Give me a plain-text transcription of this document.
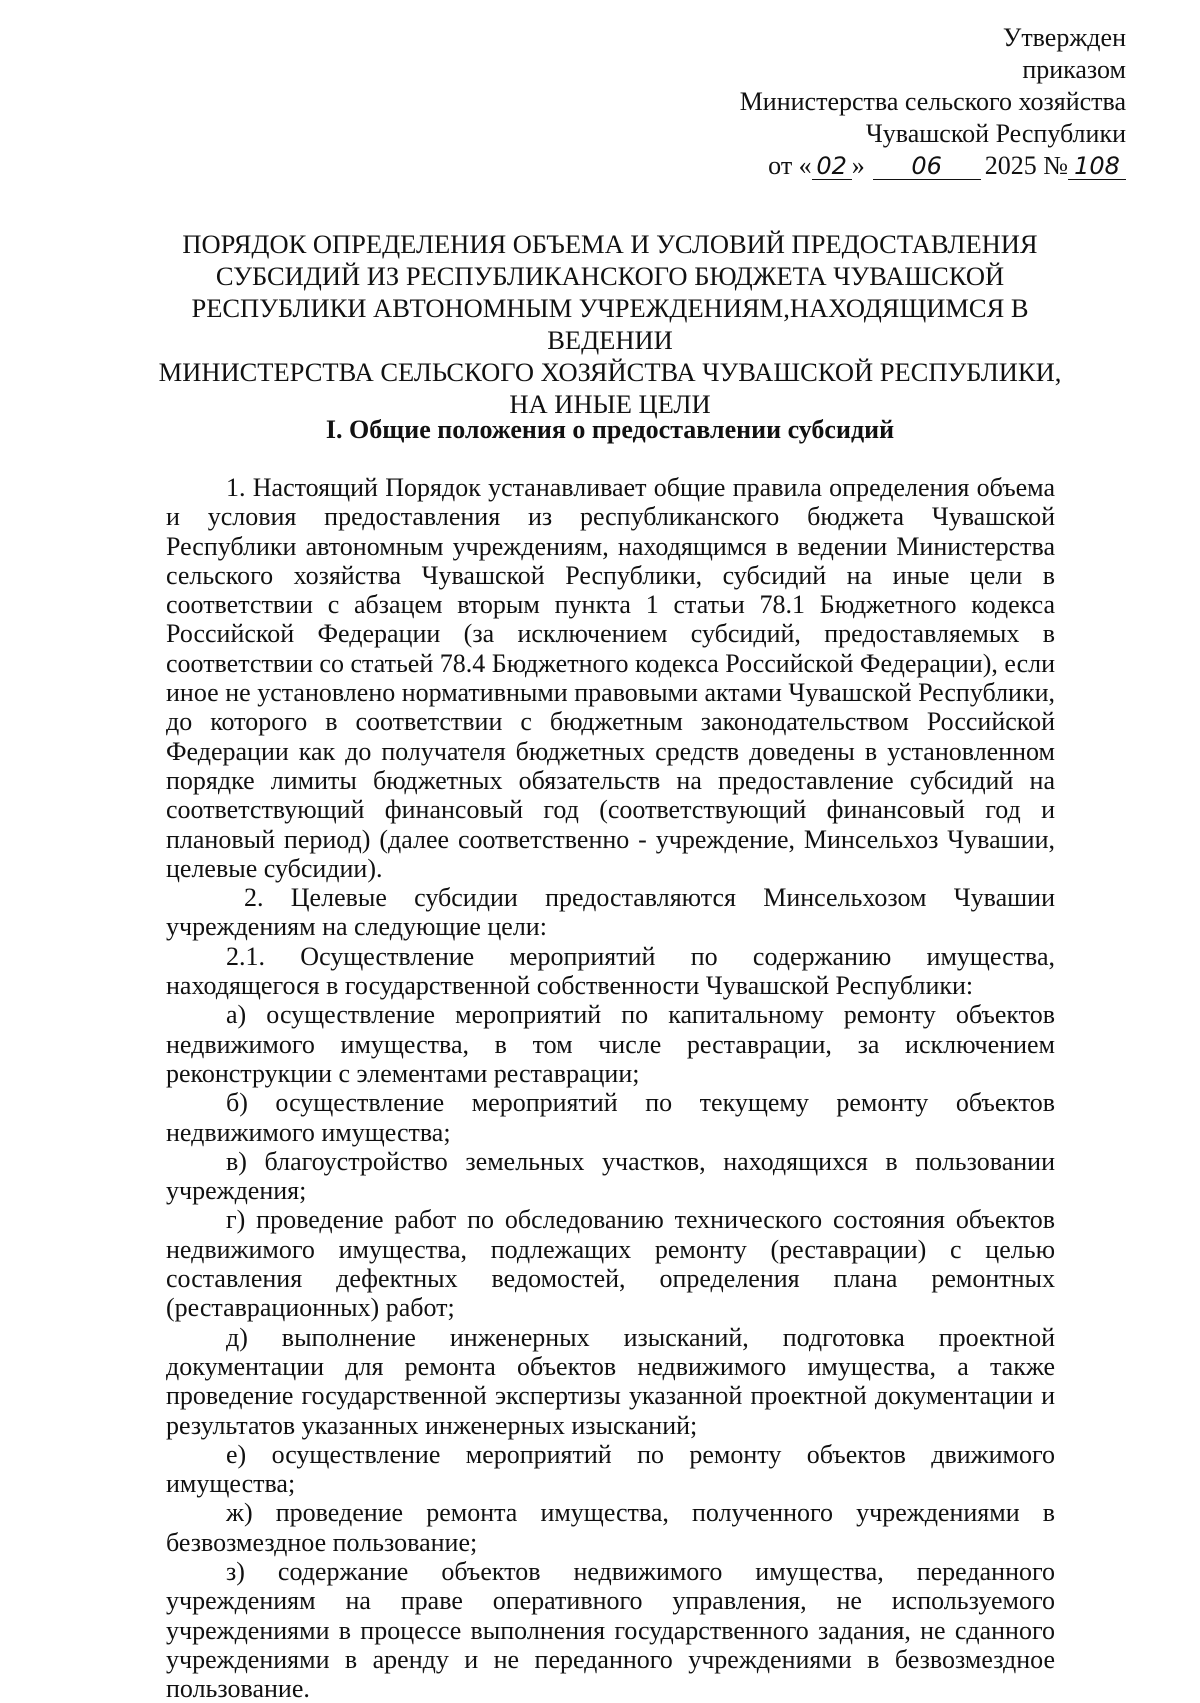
Утвержден
приказом
Министерства сельского хозяйства
Чувашской Республики
от « 02 » 06 2025 № 108
ПОРЯДОК ОПРЕДЕЛЕНИЯ ОБЪЕМА И УСЛОВИЙ ПРЕДОСТАВЛЕНИЯ
СУБСИДИЙ ИЗ РЕСПУБЛИКАНСКОГО БЮДЖЕТА ЧУВАШСКОЙ
РЕСПУБЛИКИ АВТОНОМНЫМ УЧРЕЖДЕНИЯМ,НАХОДЯЩИМСЯ В ВЕДЕНИИ
МИНИСТЕРСТВА СЕЛЬСКОГО ХОЗЯЙСТВА ЧУВАШСКОЙ РЕСПУБЛИКИ,
НА ИНЫЕ ЦЕЛИ
I. Общие положения о предоставлении субсидий

1. Настоящий Порядок устанавливает общие правила определения объема и условия предоставления из республиканского бюджета Чувашской Республики автономным учреждениям, находящимся в ведении Министерства сельского хозяйства Чувашской Республики, субсидий на иные цели в соответствии с абзацем вторым пункта 1 статьи 78.1 Бюджетного кодекса Российской Федерации (за исключением субсидий, предоставляемых в соответствии со статьей 78.4 Бюджетного кодекса Российской Федерации), если иное не установлено нормативными правовыми актами Чувашской Республики, до которого в соответствии с бюджетным законодательством Российской Федерации как до получателя бюджетных средств доведены в установленном порядке лимиты бюджетных обязательств на предоставление субсидий на соответствующий финансовый год (соответствующий финансовый год и плановый период) (далее соответственно - учреждение, Минсельхоз Чувашии, целевые субсидии).

2. Целевые субсидии предоставляются Минсельхозом Чувашии учреждениям на следующие цели:

2.1. Осуществление мероприятий по содержанию имущества, находящегося в государственной собственности Чувашской Республики:

а) осуществление мероприятий по капитальному ремонту объектов недвижимого имущества, в том числе реставрации, за исключением реконструкции с элементами реставрации;

б) осуществление мероприятий по текущему ремонту объектов недвижимого имущества;

в) благоустройство земельных участков, находящихся в пользовании учреждения;

г) проведение работ по обследованию технического состояния объектов недвижимого имущества, подлежащих ремонту (реставрации) с целью составления дефектных ведомостей, определения плана ремонтных (реставрационных) работ;

д) выполнение инженерных изысканий, подготовка проектной документации для ремонта объектов недвижимого имущества, а также проведение государственной экспертизы указанной проектной документации и результатов указанных инженерных изысканий;

е) осуществление мероприятий по ремонту объектов движимого имущества;

ж) проведение ремонта имущества, полученного учреждениями в безвозмездное пользование;

з) содержание объектов недвижимого имущества, переданного учреждениям на праве оперативного управления, не используемого учреждениями в процессе выполнения государственного задания, не сданного учреждениями в аренду и не переданного учреждениями в безвозмездное пользование.
